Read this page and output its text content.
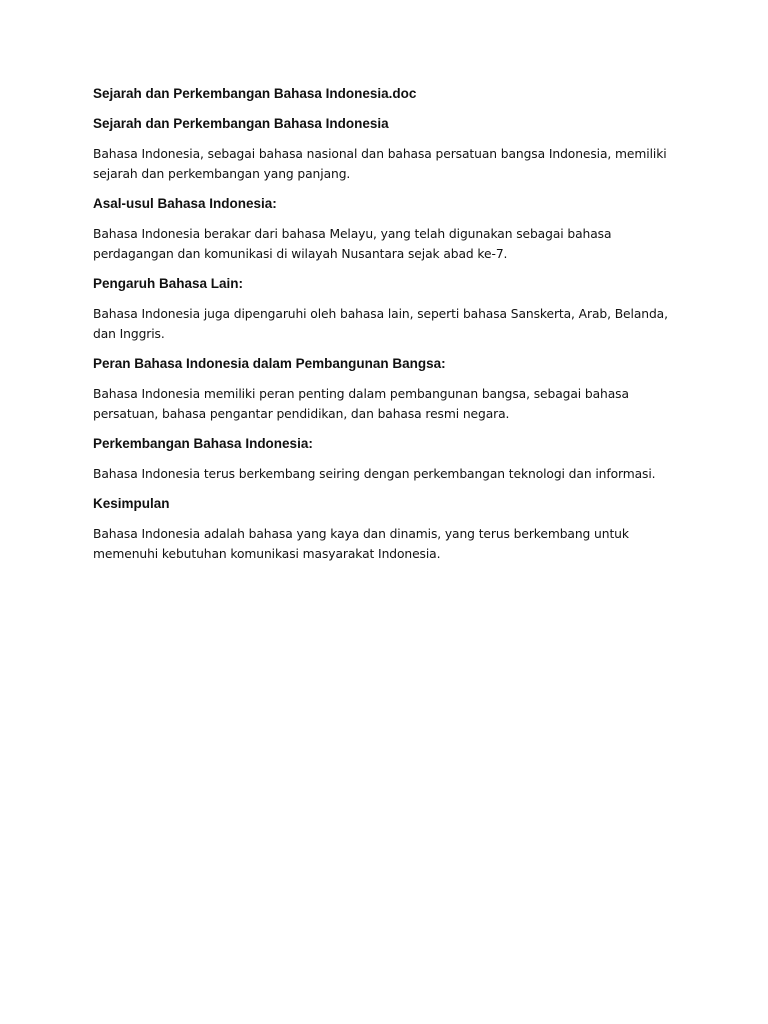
Sejarah dan Perkembangan Bahasa Indonesia.doc
Sejarah dan Perkembangan Bahasa Indonesia

Bahasa Indonesia, sebagai bahasa nasional dan bahasa persatuan bangsa Indonesia, memiliki sejarah dan perkembangan yang panjang.

Asal-usul Bahasa Indonesia:

Bahasa Indonesia berakar dari bahasa Melayu, yang telah digunakan sebagai bahasa perdagangan dan komunikasi di wilayah Nusantara sejak abad ke-7.

Pengaruh Bahasa Lain:

Bahasa Indonesia juga dipengaruhi oleh bahasa lain, seperti bahasa Sanskerta, Arab, Belanda, dan Inggris.

Peran Bahasa Indonesia dalam Pembangunan Bangsa:

Bahasa Indonesia memiliki peran penting dalam pembangunan bangsa, sebagai bahasa persatuan, bahasa pengantar pendidikan, dan bahasa resmi negara.

Perkembangan Bahasa Indonesia:

Bahasa Indonesia terus berkembang seiring dengan perkembangan teknologi dan informasi.

Kesimpulan

Bahasa Indonesia adalah bahasa yang kaya dan dinamis, yang terus berkembang untuk memenuhi kebutuhan komunikasi masyarakat Indonesia.
